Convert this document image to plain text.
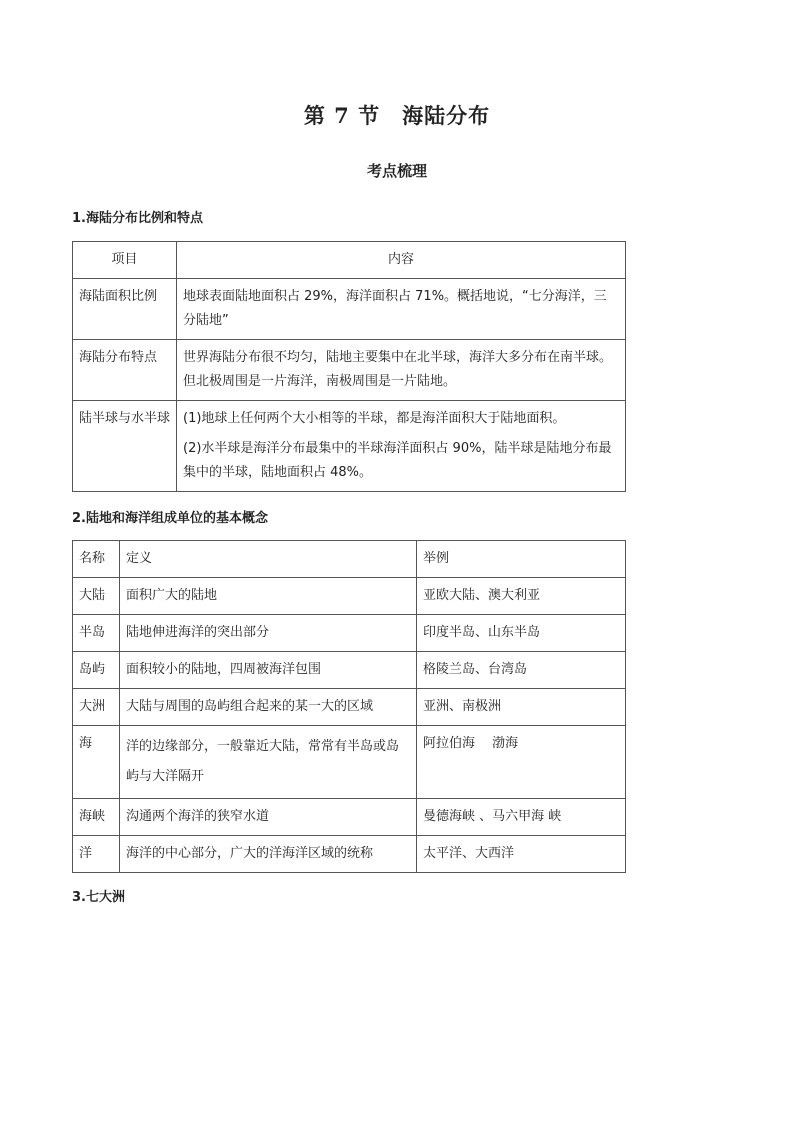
第 7 节　海陆分布
考点梳理
1.海陆分布比例和特点
项目	内容
海陆面积比例	地球表面陆地面积占 29%，海洋面积占 71%。概括地说，“七分海洋，三分陆地”

海陆分布特点	世界海陆分布很不均匀，陆地主要集中在北半球，海洋大多分布在南半球。但北极周围是一片海洋，南极周围是一片陆地。

陆半球与水半球	(1)地球上任何两个大小相等的半球，都是海洋面积大于陆地面积。

(2)水半球是海洋分布最集中的半球海洋面积占 90%，陆半球是陆地分布最集中的半球，陆地面积占 48%。

2.陆地和海洋组成单位的基本概念
名称	定义	举例
大陆	面积广大的陆地	亚欧大陆、澳大利亚
半岛	陆地伸进海洋的突出部分	印度半岛、山东半岛
岛屿	面积较小的陆地，四周被海洋包围	格陵兰岛、台湾岛
大洲	大陆与周围的岛屿组合起来的某一大的区域	亚洲、南极洲
海	洋的边缘部分，一般靠近大陆，常常有半岛或岛屿与大洋隔开	阿拉伯海　 渤海
海峡	沟通两个海洋的狭窄水道	曼德海峡 、马六甲海 峡
洋	海洋的中心部分，广大的洋海洋区域的统称	太平洋、大西洋
3.七大洲
